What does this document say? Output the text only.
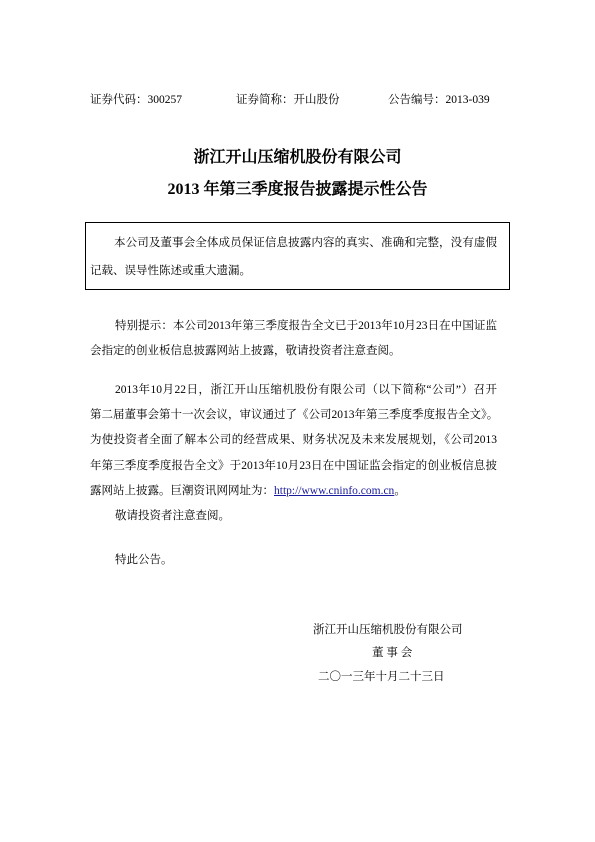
证券代码：300257	证券简称：开山股份	公告编号：2013-039
浙江开山压缩机股份有限公司
2013 年第三季度报告披露提示性公告
本公司及董事会全体成员保证信息披露内容的真实、准确和完整，没有虚假
记载、误导性陈述或重大遗漏。
特别提示：本公司2013年第三季度报告全文已于2013年10月23日在中国证监
会指定的创业板信息披露网站上披露，敬请投资者注意查阅。
2013年10月22日，浙江开山压缩机股份有限公司（以下简称“公司”）召开
第二届董事会第十一次会议，审议通过了《公司2013年第三季度季度报告全文》。
为使投资者全面了解本公司的经营成果、财务状况及未来发展规划，《公司2013
年第三季度季度报告全文》于2013年10月23日在中国证监会指定的创业板信息披
露网站上披露。巨潮资讯网网址为：http://www.cninfo.com.cn。
敬请投资者注意查阅。
特此公告。
浙江开山压缩机股份有限公司
董 事 会
二〇一三年十月二十三日
